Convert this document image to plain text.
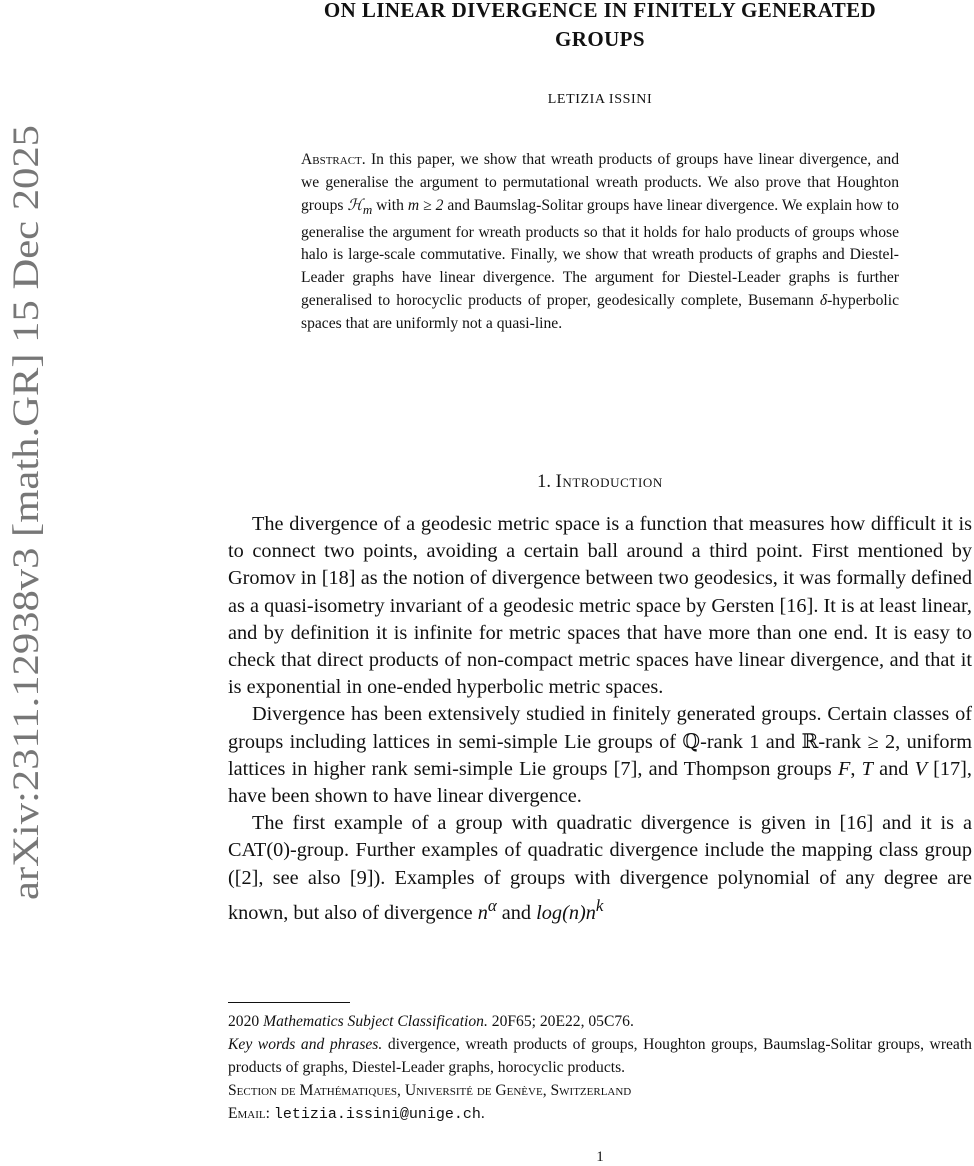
arXiv:2311.12938v3 [math.GR] 15 Dec 2025
ON LINEAR DIVERGENCE IN FINITELY GENERATED
GROUPS
LETIZIA ISSINI
Abstract. In this paper, we show that wreath products of groups have linear divergence, and we generalise the argument to permutational wreath products. We also prove that Houghton groups ℋ$_m$ with m ≥ 2 and Baumslag-Solitar groups have linear divergence. We explain how to generalise the argument for wreath products so that it holds for halo products of groups whose halo is large-scale commutative. Finally, we show that wreath products of graphs and Diestel-Leader graphs have linear divergence. The argument for Diestel-Leader graphs is further generalised to horocyclic products of proper, geodesically complete, Busemann δ-hyperbolic spaces that are uniformly not a quasi-line.
1. Introduction

The divergence of a geodesic metric space is a function that measures how difficult it is to connect two points, avoiding a certain ball around a third point. First mentioned by Gromov in [18] as the notion of divergence between two geodesics, it was formally defined as a quasi-isometry invariant of a geodesic metric space by Gersten [16]. It is at least linear, and by definition it is infinite for metric spaces that have more than one end. It is easy to check that direct products of non-compact metric spaces have linear divergence, and that it is exponential in one-ended hyperbolic metric spaces.

Divergence has been extensively studied in finitely generated groups. Certain classes of groups including lattices in semi-simple Lie groups of ℚ-rank 1 and ℝ-rank ≥ 2, uniform lattices in higher rank semi-simple Lie groups [7], and Thompson groups F, T and V [17], have been shown to have linear divergence.

The first example of a group with quadratic divergence is given in [16] and it is a CAT(0)-group. Further examples of quadratic divergence include the mapping class group ([2], see also [9]). Examples of groups with divergence polynomial of any degree are known, but also of divergence $n^\alpha$ and $\log(n)n^k$

2020 Mathematics Subject Classification. 20F65; 20E22, 05C76.
Key words and phrases. divergence, wreath products of groups, Houghton groups, Baumslag-Solitar groups, wreath products of graphs, Diestel-Leader graphs, horocyclic products.
Section de Mathématiques, Université de Genève, Switzerland
Email: letizia.issini@unige.ch.
1
